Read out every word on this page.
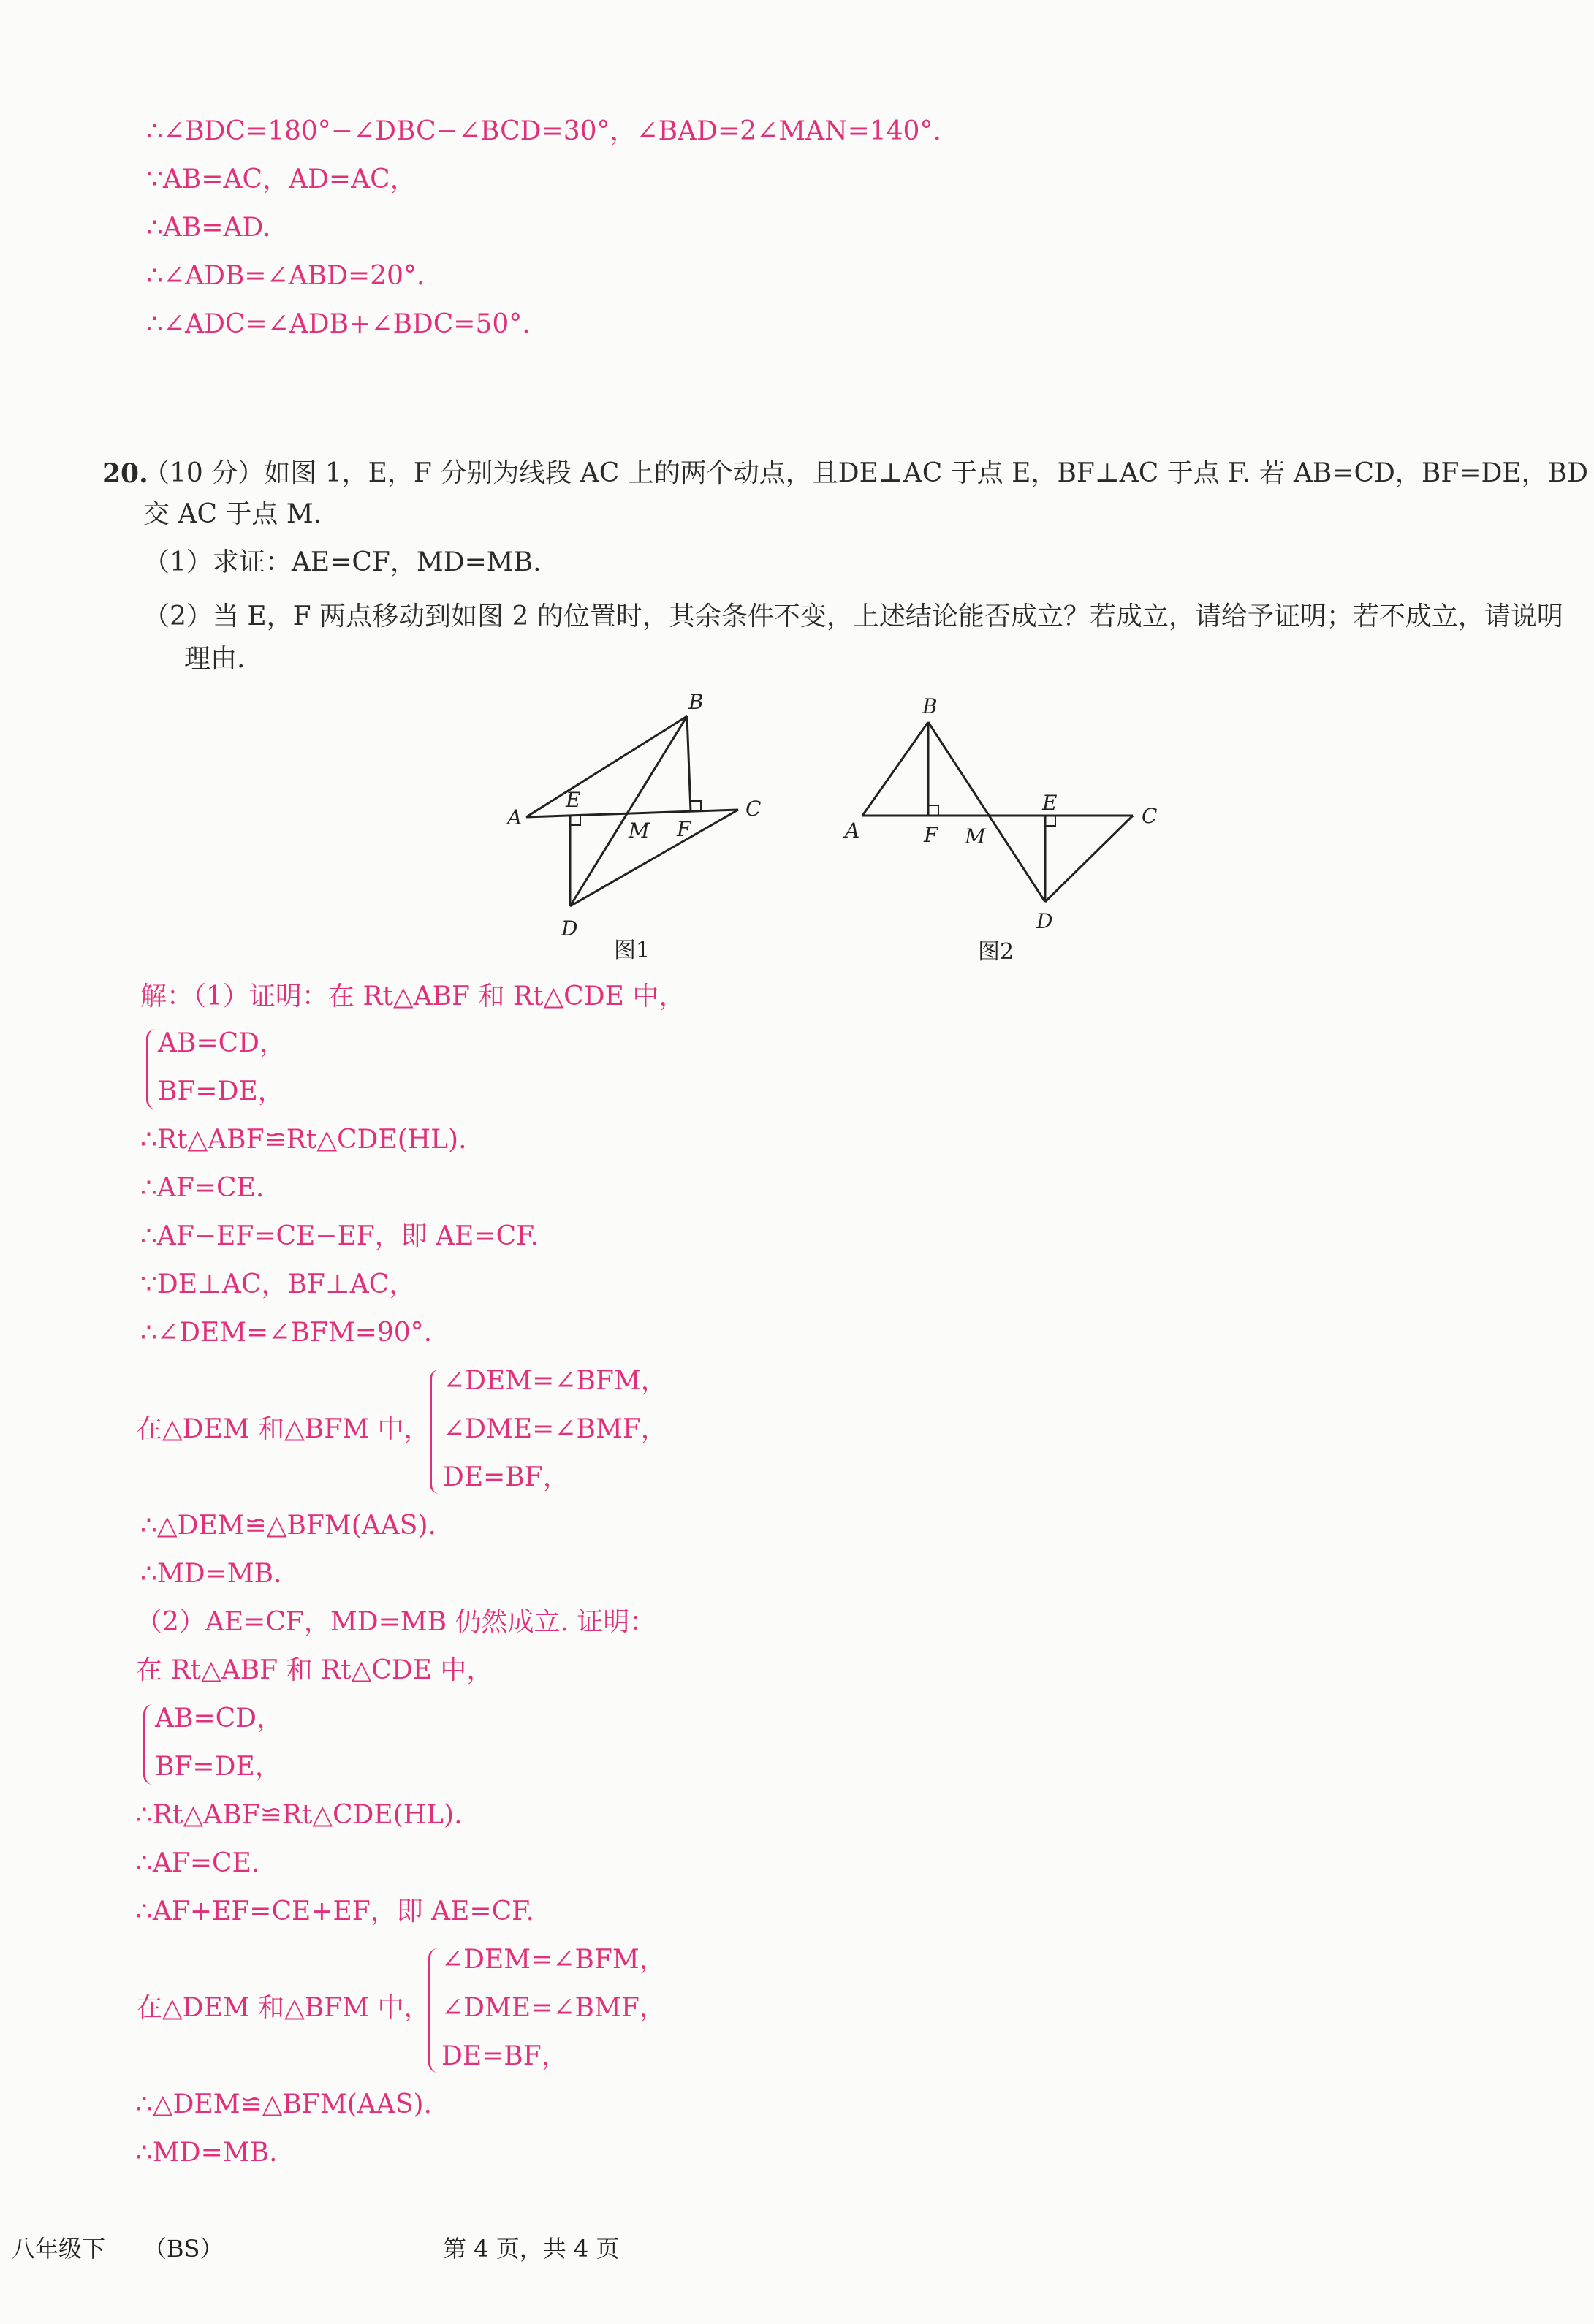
∴∠BDC=180°−∠DBC−∠BCD=30°，∠BAD=2∠MAN=140°.
∵AB=AC，AD=AC，
∴AB=AD.
∴∠ADB=∠ABD=20°.
∴∠ADC=∠ADB+∠BDC=50°.
20.
（10 分）如图 1，E，F 分别为线段 AC 上的两个动点，且DE⊥AC 于点 E，BF⊥AC 于点 F. 若 AB=CD，BF=DE，BD
交 AC 于点 M.
（1）求证：AE=CF，MD=MB.
（2）当 E，F 两点移动到如图 2 的位置时，其余条件不变，上述结论能否成立？若成立，请给予证明；若不成立，请说明
理由.
A
B
C
D
E
F
M
图1
A
B
C
D
E
F M
图2
解：（1）证明：在 Rt△ABF 和 Rt△CDE 中，
AB=CD，
BF=DE，
∴Rt△ABF≌Rt△CDE(HL).
∴AF=CE.
∴AF−EF=CE−EF，即 AE=CF.
∵DE⊥AC，BF⊥AC，
∴∠DEM=∠BFM=90°.
在△DEM 和△BFM 中，
∠DEM=∠BFM，
∠DME=∠BMF，
DE=BF，
∴△DEM≌△BFM(AAS).
∴MD=MB.
（2）AE=CF，MD=MB 仍然成立. 证明：
在 Rt△ABF 和 Rt△CDE 中，
AB=CD，
BF=DE，
∴Rt△ABF≌Rt△CDE(HL).
∴AF=CE.
∴AF+EF=CE+EF，即 AE=CF.
在△DEM 和△BFM 中，
∠DEM=∠BFM，
∠DME=∠BMF，
DE=BF，
∴△DEM≌△BFM(AAS).
∴MD=MB.
八年级下 （BS）	第 4 页，共 4 页
